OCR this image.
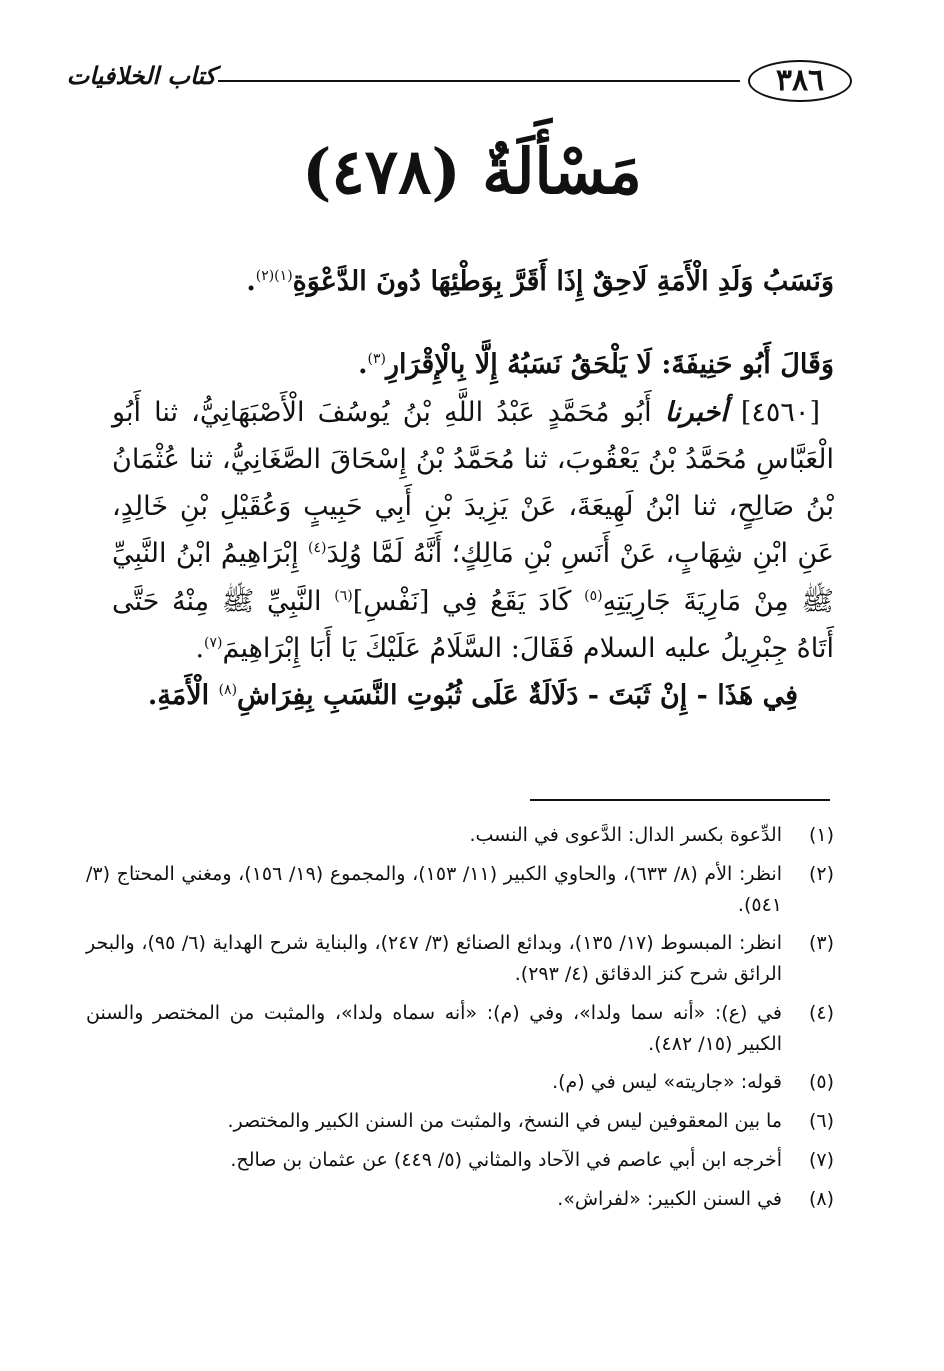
٣٨٦
كتاب الخلافيات
مَسْأَلَةٌ (٤٧٨)

وَنَسَبُ وَلَدِ الْأَمَةِ لَاحِقٌ إِذَا أَقَرَّ بِوَطْئِهَا دُونَ الدَّعْوَةِ$^{(١)(٢)}$.

وَقَالَ أَبُو حَنِيفَةَ: لَا يَلْحَقُ نَسَبُهُ إِلَّا بِالْإِقْرَارِ$^{(٣)}$.

[٤٥٦٠] أخبرنا أَبُو مُحَمَّدٍ عَبْدُ اللَّهِ بْنُ يُوسُفَ الْأَصْبَهَانِيُّ، ثنا أَبُو الْعَبَّاسِ مُحَمَّدُ بْنُ يَعْقُوبَ، ثنا مُحَمَّدُ بْنُ إِسْحَاقَ الصَّغَانِيُّ، ثنا عُثْمَانُ بْنُ صَالِحٍ، ثنا ابْنُ لَهِيعَةَ، عَنْ يَزِيدَ بْنِ أَبِي حَبِيبٍ وَعُقَيْلِ بْنِ خَالِدٍ، عَنِ ابْنِ شِهَابٍ، عَنْ أَنَسِ بْنِ مَالِكٍ؛ أَنَّهُ لَمَّا وُلِدَ$^{(٤)}$ إِبْرَاهِيمُ ابْنُ النَّبِيِّ ﷺ مِنْ مَارِيَةَ جَارِيَتِهِ$^{(٥)}$ كَادَ يَقَعُ فِي [نَفْسِ]$^{(٦)}$ النَّبِيِّ ﷺ مِنْهُ حَتَّى أَتَاهُ جِبْرِيلُ عليه السلام فَقَالَ: السَّلَامُ عَلَيْكَ يَا أَبَا إِبْرَاهِيمَ$^{(٧)}$.

فِي هَذَا - إِنْ ثَبَتَ - دَلَالَةٌ عَلَى ثُبُوتِ النَّسَبِ بِفِرَاشِ$^{(٨)}$ الْأَمَةِ.

(١)
الدِّعوة بكسر الدال: الدَّعوى في النسب.
(٢)
انظر: الأم (٨/ ٦٣٣)، والحاوي الكبير (١١/ ١٥٣)، والمجموع (١٩/ ١٥٦)، ومغني المحتاج (٣/ ٥٤١).
(٣)
انظر: المبسوط (١٧/ ١٣٥)، وبدائع الصنائع (٣/ ٢٤٧)، والبناية شرح الهداية (٦/ ٩٥)، والبحر الرائق شرح كنز الدقائق (٤/ ٢٩٣).
(٤)
في (ع): «أنه سما ولدا»، وفي (م): «أنه سماه ولدا»، والمثبت من المختصر والسنن الكبير (١٥/ ٤٨٢).
(٥)
قوله: «جاريته» ليس في (م).
(٦)
ما بين المعقوفين ليس في النسخ، والمثبت من السنن الكبير والمختصر.
(٧)
أخرجه ابن أبي عاصم في الآحاد والمثاني (٥/ ٤٤٩) عن عثمان بن صالح.
(٨)
في السنن الكبير: «لفراش».
